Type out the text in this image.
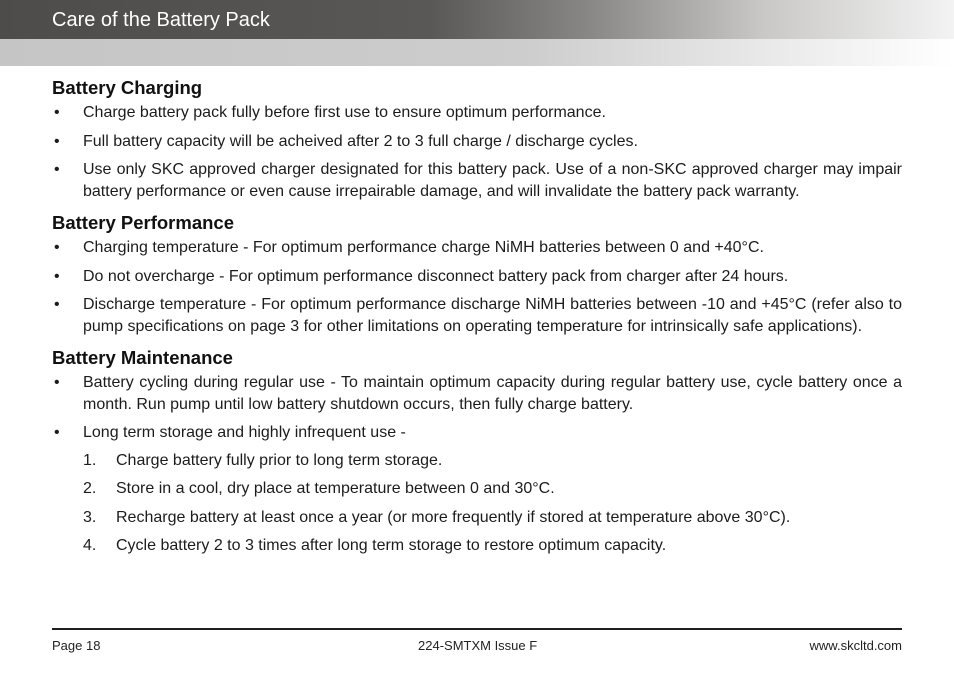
Care of the Battery Pack
Battery Charging
• Charge battery pack fully before first use to ensure optimum performance.
• Full battery capacity will be acheived after 2 to 3 full charge / discharge cycles.
• Use only SKC approved charger designated for this battery pack. Use of a non-SKC approved charger may impair battery performance or even cause irrepairable damage, and will invalidate the battery pack warranty.
Battery Performance
• Charging temperature - For optimum performance charge NiMH batteries between 0 and +40°C.
• Do not overcharge - For optimum performance disconnect battery pack from charger after 24 hours.
• Discharge temperature - For optimum performance discharge NiMH batteries between -10 and +45°C (refer also to pump specifications on page 3 for other limitations on operating temperature for intrinsically safe applications).
Battery Maintenance
• Battery cycling during regular use - To maintain optimum capacity during regular battery use, cycle battery once a month. Run pump until low battery shutdown occurs, then fully charge battery.
• Long term storage and highly infrequent use -
1. Charge battery fully prior to long term storage.
2. Store in a cool, dry place at temperature between 0 and 30°C.
3. Recharge battery at least once a year (or more frequently if stored at temperature above 30°C).
4. Cycle battery 2 to 3 times after long term storage to restore optimum capacity.
Page 18	224-SMTXM Issue F	www.skcltd.com
